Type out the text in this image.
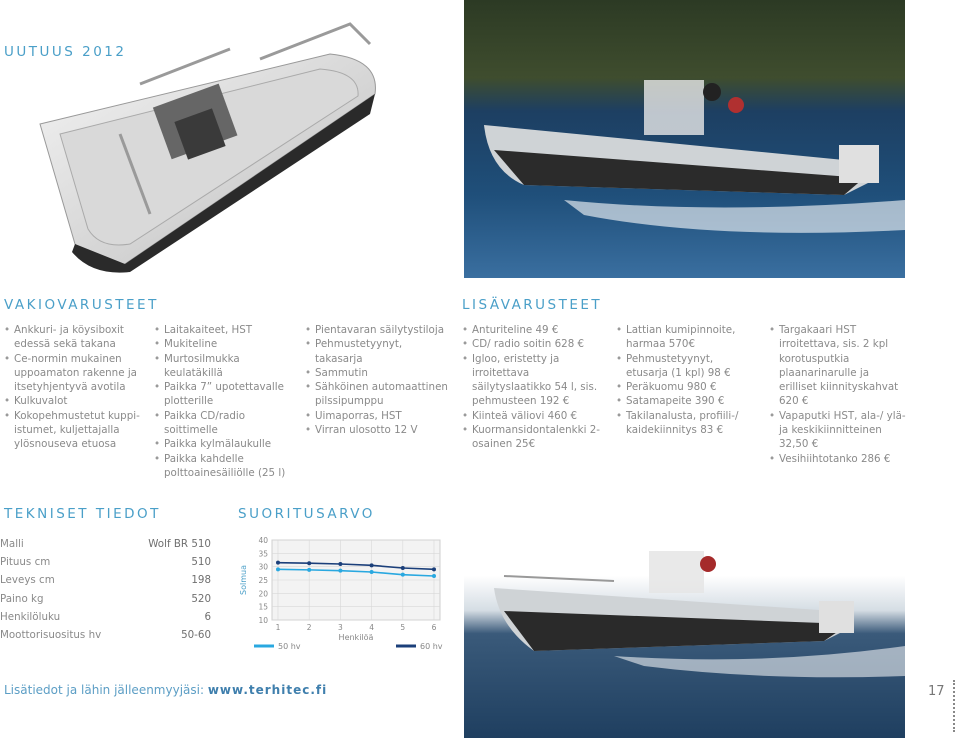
UUTUUS 2012
VAKIOVARUSTEET
• Ankkuri- ja köysiboxit edessä sekä takana
• Ce-normin mukainen uppoamaton rakenne ja itsetyhjentyvä avotila
• Kulkuvalot
• Kokopehmustetut kuppi-istumet, kuljettajalla ylösnouseva etuosa
• Laitakaiteet, HST
• Mukiteline
• Murtosilmukka keulatäkillä
• Paikka 7” upotettavalle plotterille
• Paikka CD/radio soittimelle
• Paikka kylmälaukulle
• Paikka kahdelle polttoainesäiliölle (25 l)
• Pientavaran säilytystiloja
• Pehmustetyynyt, takasarja
• Sammutin
• Sähköinen automaattinen pilssipumppu
• Uimaporras, HST
• Virran ulosotto 12 V
LISÄVARUSTEET
• Anturiteline 49 €
• CD/ radio soitin 628 €
• Igloo, eristetty ja irroitettava säilytyslaatikko 54 l, sis. pehmusteen 192 €
• Kiinteä väliovi 460 €
• Kuormansidontalenkki 2-osainen 25€
• Lattian kumipinnoite, harmaa 570€
• Pehmustetyynyt, etusarja (1 kpl) 98 €
• Peräkuomu 980 €
• Satamapeite 390 €
• Takilanalusta, profiili-/ kaidekiinnitys 83 €
• Targakaari HST irroitettava, sis. 2 kpl korotusputkia plaanarinarulle ja erilliset kiinnityskahvat 620 €
• Vapaputki HST, ala-/ ylä- ja keskikiinnitteinen 32,50 €
• Vesihiihtotanko 286 €
TEKNISET TIEDOT
Malli	Wolf BR 510
Pituus cm	510
Leveys cm	198
Paino kg	520
Henkilöluku	6
Moottorisuositus hv	50-60
SUORITUSARVO
10
15
20
25
30
35
40
1	2	3	4	5	6
Solmua
Henkilöä
50 hv	60 hv
Lisätiedot ja lähin jälleenmyyjäsi: www.terhitec.fi	17
